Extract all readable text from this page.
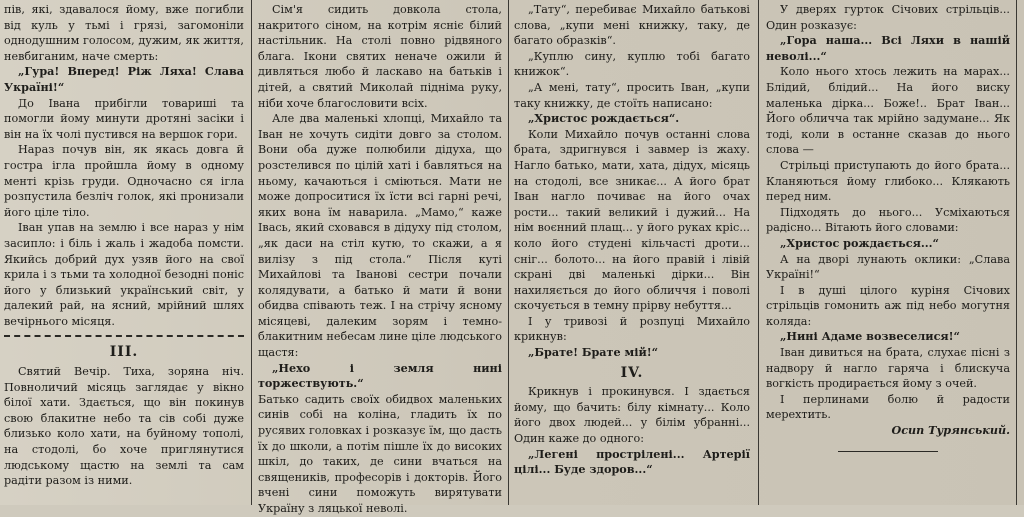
пів, які, здавалося йому, вже погибли від куль у тьмі і грязі, загомоніли однодушним голосом, дужим, як життя, невбиганим, наче смерть:

„Гура! Вперед! Ріж Ляха! Слава Україні!“

До Івана прибігли товариші та помогли йому минути дротяні засіки і він на їх чолі пустився на вершок гори.

Нараз почув він, як якась довга й гостра ігла пройшла йому в одному менті крізь груди. Одночасно ся ігла розпустила безліч голок, які пронизали його ціле тіло.

Іван упав на землю і все нараз у нім засипло: і біль і жаль і жадоба помсти. Якийсь добрий дух узяв його на свої крила і з тьми та холодної безодні поніс його у близький український світ, у далекий рай, на ясний, мрійний шлях вечірнього місяця.

III.

Святий Вечір. Тиха, зоряна ніч. Повноличий місяць заглядає у вікно білої хати. Здається, що він покинув свою блакитне небо та сів собі дуже близько коло хати, на буйному тополі, на стодолі, бо хоче приглянутися людському щастю на землі та сам радіти разом із ними.

Сім'я сидить довкола стола, накритого сіном, на котрім ясніє білий настільник. На столі повно рідвяного блага. Ікони святих неначе ожили й дивляться любо й ласкаво на батьків і дітей, а святий Миколай підніма руку, ніби хоче благословити всіх.

Але два маленькі хлопці, Михайло та Іван не хочуть сидіти довго за столом. Вони оба дуже полюбили дідуха, що розстелився по цілій хаті і бавляться на ньому, качаються і сміються. Мати не може допроситися їх їсти всі гарні речі, яких вона їм наварила. „Мамо,“ каже Івась, який сховався в дідуху під столом, „як даси на стіл кутю, то скажи, а я вилізу з під стола.“ Після куті Михайлові та Іванові сестри почали колядувати, а батько й мати й вони обидва співають теж. І на стрічу ясному місяцеві, далеким зорям і темно-блакитним небесам лине ціле людського щастя:

„Нехо і земля нині торжествують.“

Батько садить своїх обидвох маленьких синів собі на коліна, гладить їх по русявих головках і розказує їм, що дасть їх до школи, а потім пішле їх до високих шкіл, до таких, де сини вчаться на священиків, професорів і докторів. Його вчені сини поможуть вирятувати Україну з ляцької неволі.

„Тату“, перебиває Михайло батькові слова, „купи мені книжку, таку, де багато образків“.

„Куплю сину, куплю тобі багато книжок“.

„А мені, тату“, просить Іван, „купи таку книжку, де стоїть написано:

„Христос рождається“.

Коли Михайло почув останні слова брата, здригнувся і завмер із жаху. Нагло батько, мати, хата, дідух, місяць на стодолі, все зникає... А його брат Іван нагло почиває на його очах рости... такий великий і дужий... На нім воєнний плащ... у його руках кріс... коло його студені кільчасті дроти... сніг... болото... на його правій і лівій скрані дві маленькі дірки... Він нахиляється до його обличчя і поволі скочується в темну прірву небуття...

І у тривозі й розпуці Михайло крикнув:

„Брате! Брате мій!“

IV.

Крикнув і прокинувся. І здається йому, що бачить: білу кімнату... Коло його двох людей... у білім убранні... Один каже до одного:

„Легені прострілені... Артерії цілі... Буде здоров...“

У дверях гурток Січових стрільців... Один розказує:

„Гора наша... Всі Ляхи в нашій неволі...“

Коло нього хтось лежить на марах... Блідий, блідий... На його виску маленька дірка... Боже!.. Брат Іван... Його обличча так мрійно задумане... Як тоді, коли в останне сказав до нього слова —

Стрільці приступають до його брата... Кланяються йому глибоко... Клякають перед ним.

Підходять до нього... Усміхаються радісно... Вітають його словами:

„Христос рождається...“

А на дворі лунають оклики: „Слава Україні!“

І в душі цілого куріня Січових стрільців гомонить аж під небо могутня коляда:

„Нині Адаме возвеселися!“

Іван дивиться на брата, слухає пісні з надвору й нагло гаряча і блискуча вогкість продирається йому з очей.

І перлинами болю й радости мерехтить.

Осип Турянський.
